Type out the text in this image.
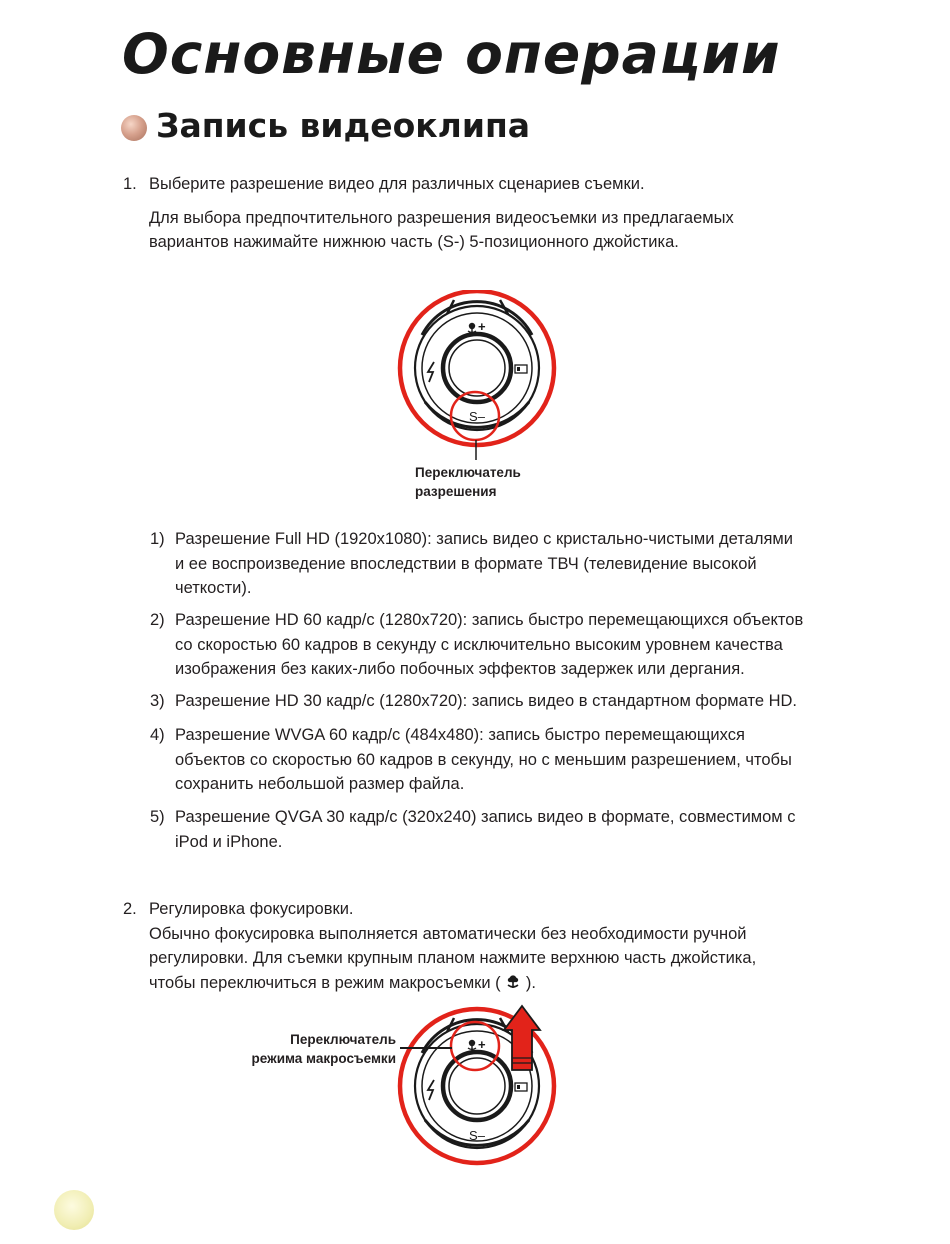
Основные операции
Запись видеоклипа
1. Выберите разрешение видео для различных сценариев съемки.
Для выбора предпочтительного разрешения видеосъемки из предлагаемых
вариантов нажимайте нижнюю часть (S-) 5-позиционного джойстика.
+
S–
Переключатель
разрешения
1) Разрешение Full HD (1920x1080): запись видео с кристально-чистыми деталями
и ее воспроизведение впоследствии в формате ТВЧ (телевидение высокой
четкости).
2) Разрешение HD 60 кадр/с (1280x720): запись быстро перемещающихся объектов
со скоростью 60 кадров в секунду с исключительно высоким уровнем качества
изображения без каких-либо побочных эффектов задержек или дергания.
3) Разрешение HD 30 кадр/с (1280x720): запись видео в стандартном формате HD.
4) Разрешение WVGA 60 кадр/с (484x480): запись быстро перемещающихся
объектов со скоростью 60 кадров в секунду, но с меньшим разрешением, чтобы
сохранить небольшой размер файла.
5) Разрешение QVGA 30 кадр/с (320x240) запись видео в формате, совместимом с
iPod и iPhone.
2. Регулировка фокусировки.
Обычно фокусировка выполняется автоматически без необходимости ручной
регулировки. Для съемки крупным планом нажмите верхнюю часть джойстика,
чтобы переключиться в режим макросъемки ( ).
+
S–
Переключатель
режима макросъемки
